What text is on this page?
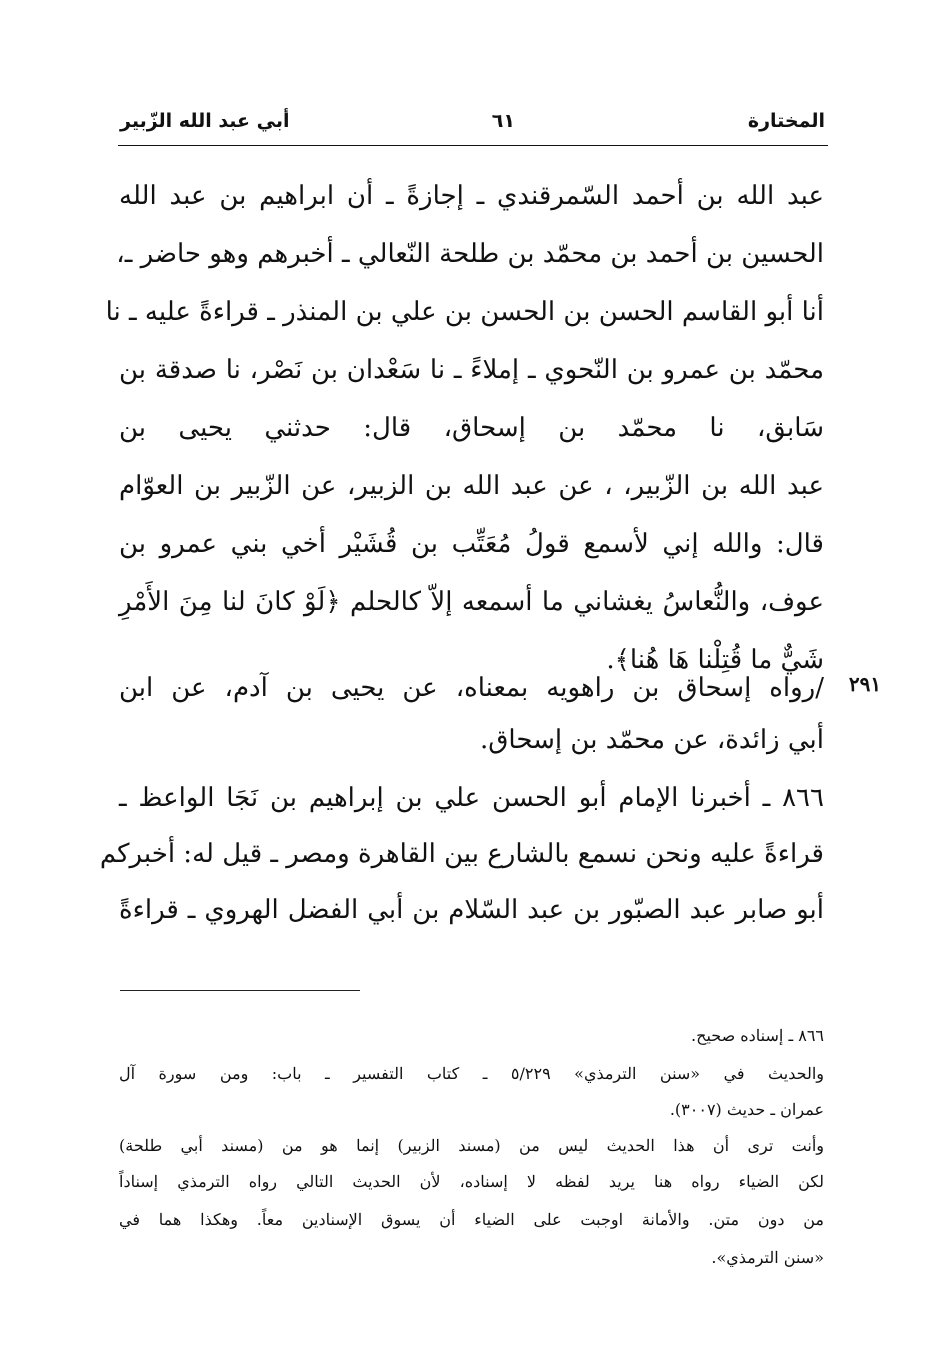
المختارة
٦١
أبي عبد الله الزّبير
عبد الله بن أحمد السّمرقندي ـ إجازةً ـ أن ابراهيم بن عبد الله
الحسين بن أحمد بن محمّد بن طلحة النّعالي ـ أخبرهم وهو حاضر ـ،
أنا أبو القاسم الحسن بن الحسن بن علي بن المنذر ـ قراءةً عليه ـ نا
محمّد بن عمرو بن النّحوي ـ إملاءً ـ نا سَعْدان بن نَصْر، نا صدقة بن
سَابق، نا محمّد بن إسحاق، قال: حدثني يحيى بن
عبد الله بن الزّبير، ، عن عبد الله بن الزبير، عن الزّبير بن العوّام
قال: والله إني لأسمع قولُ مُعَتِّب بن قُشَيْر أخي بني عمرو بن
عوف، والنُّعاسُ يغشاني ما أسمعه إلاّ كالحلم ﴿لَوْ كانَ لنا مِنَ الأَمْرِ
شَيٌّ ما قُتِلْنا هَا هُنا﴾.
٢٩١
/رواه إسحاق بن راهويه بمعناه، عن يحيى بن آدم، عن ابن
أبي زائدة، عن محمّد بن إسحاق.
٨٦٦ ـ أخبرنا الإمام أبو الحسن علي بن إبراهيم بن نَجَا الواعظ ـ
قراءةً عليه ونحن نسمع بالشارع بين القاهرة ومصر ـ قيل له: أخبركم
أبو صابر عبد الصبّور بن عبد السّلام بن أبي الفضل الهروي ـ قراءةً
٨٦٦ ـ إسناده صحيح.
والحديث في «سنن الترمذي» ٥/٢٢٩ ـ كتاب التفسير ـ باب: ومن سورة آل
عمران ـ حديث (٣٠٠٧).
وأنت ترى أن هذا الحديث ليس من (مسند الزبير) إنما هو من (مسند أبي طلحة)
لكن الضياء رواه هنا يريد لفظه لا إسناده، لأن الحديث التالي رواه الترمذي إسناداً
من دون متن. والأمانة اوجبت على الضياء أن يسوق الإسنادين معاً. وهكذا هما في
«سنن الترمذي».
